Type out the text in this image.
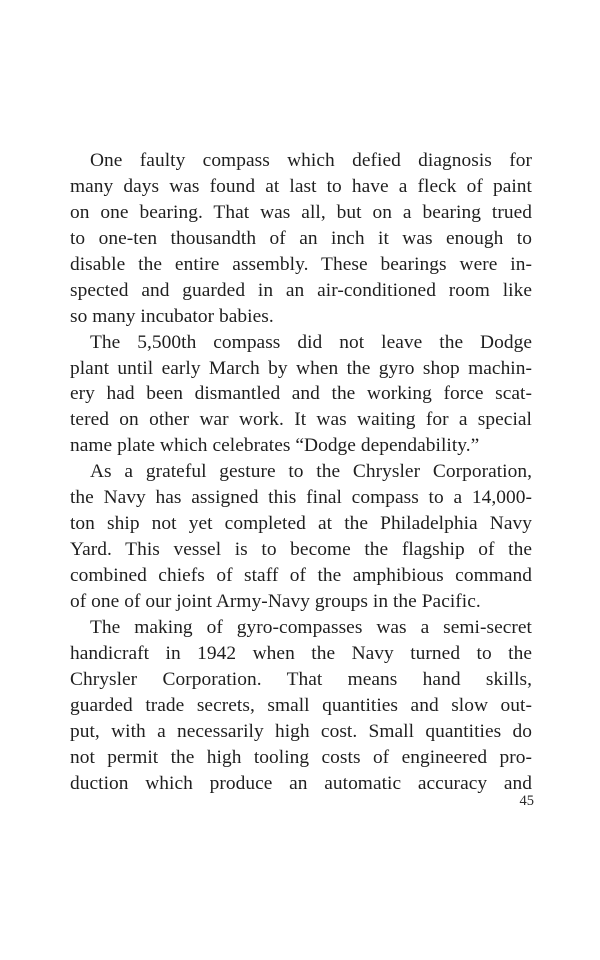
One faulty compass which defied diagnosis for
many days was found at last to have a fleck of paint
on one bearing. That was all, but on a bearing trued
to one-ten thousandth of an inch it was enough to
disable the entire assembly. These bearings were in-
spected and guarded in an air-conditioned room like
so many incubator babies.
The 5,500th compass did not leave the Dodge
plant until early March by when the gyro shop machin-
ery had been dismantled and the working force scat-
tered on other war work. It was waiting for a special
name plate which celebrates “Dodge dependability.”
As a grateful gesture to the Chrysler Corporation,
the Navy has assigned this final compass to a 14,000-
ton ship not yet completed at the Philadelphia Navy
Yard. This vessel is to become the flagship of the
combined chiefs of staff of the amphibious command
of one of our joint Army-Navy groups in the Pacific.
The making of gyro-compasses was a semi-secret
handicraft in 1942 when the Navy turned to the
Chrysler Corporation. That means hand skills,
guarded trade secrets, small quantities and slow out-
put, with a necessarily high cost. Small quantities do
not permit the high tooling costs of engineered pro-
duction which produce an automatic accuracy and
45
